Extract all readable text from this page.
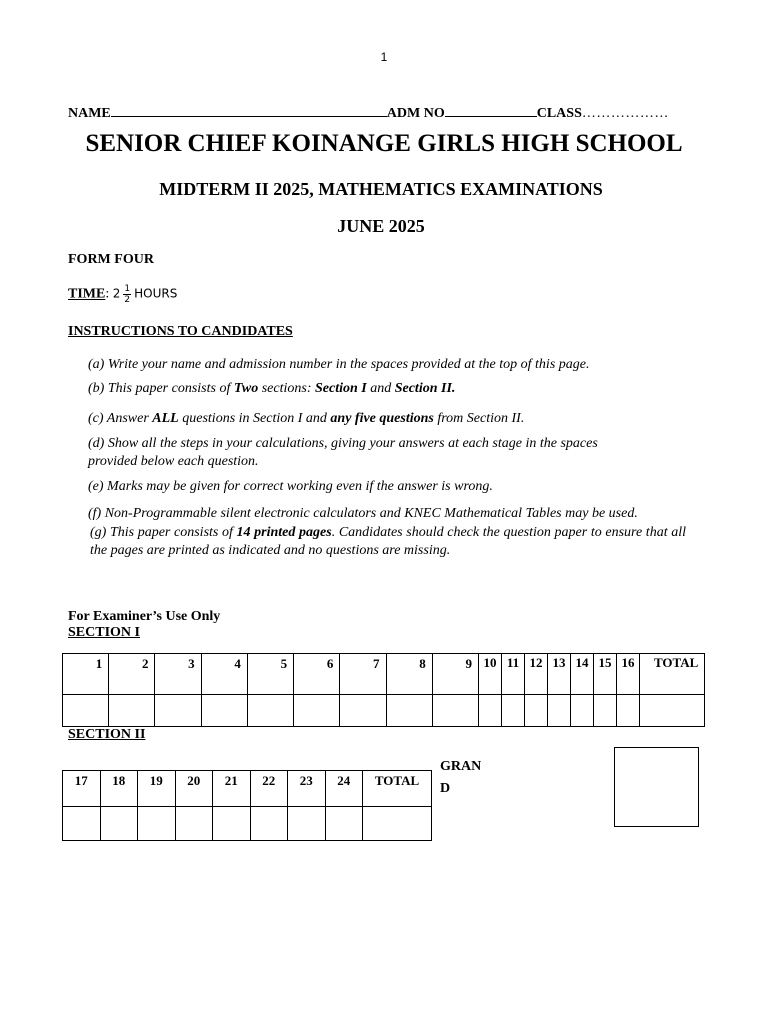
1
NAME	ADM NO	CLASS………………
SENIOR CHIEF KOINANGE GIRLS HIGH SCHOOL
MIDTERM II 2025, MATHEMATICS EXAMINATIONS
JUNE 2025
FORM FOUR
TIME: $2 \frac{1}{2}$ HOURS
INSTRUCTIONS TO CANDIDATES
(a) Write your name and admission number in the spaces provided at the top of this page.
(b) This paper consists of Two sections: Section I and Section II.
(c) Answer ALL questions in Section I and any five questions from Section II.
(d) Show all the steps in your calculations, giving your answers at each stage in the spaces provided below each question.
(e) Marks may be given for correct working even if the answer is wrong.
(f) Non-Programmable silent electronic calculators and KNEC Mathematical Tables may be used.
(g) This paper consists of 14 printed pages. Candidates should check the question paper to ensure that all the pages are printed as indicated and no questions are missing.
For Examiner’s Use Only
SECTION I
1	2	3	4	5	6	7	8	9	10	11	12	13	14	15	16	TOTAL

SECTION II
17	18	19	20	21	22	23	24	TOTAL

GRAND
